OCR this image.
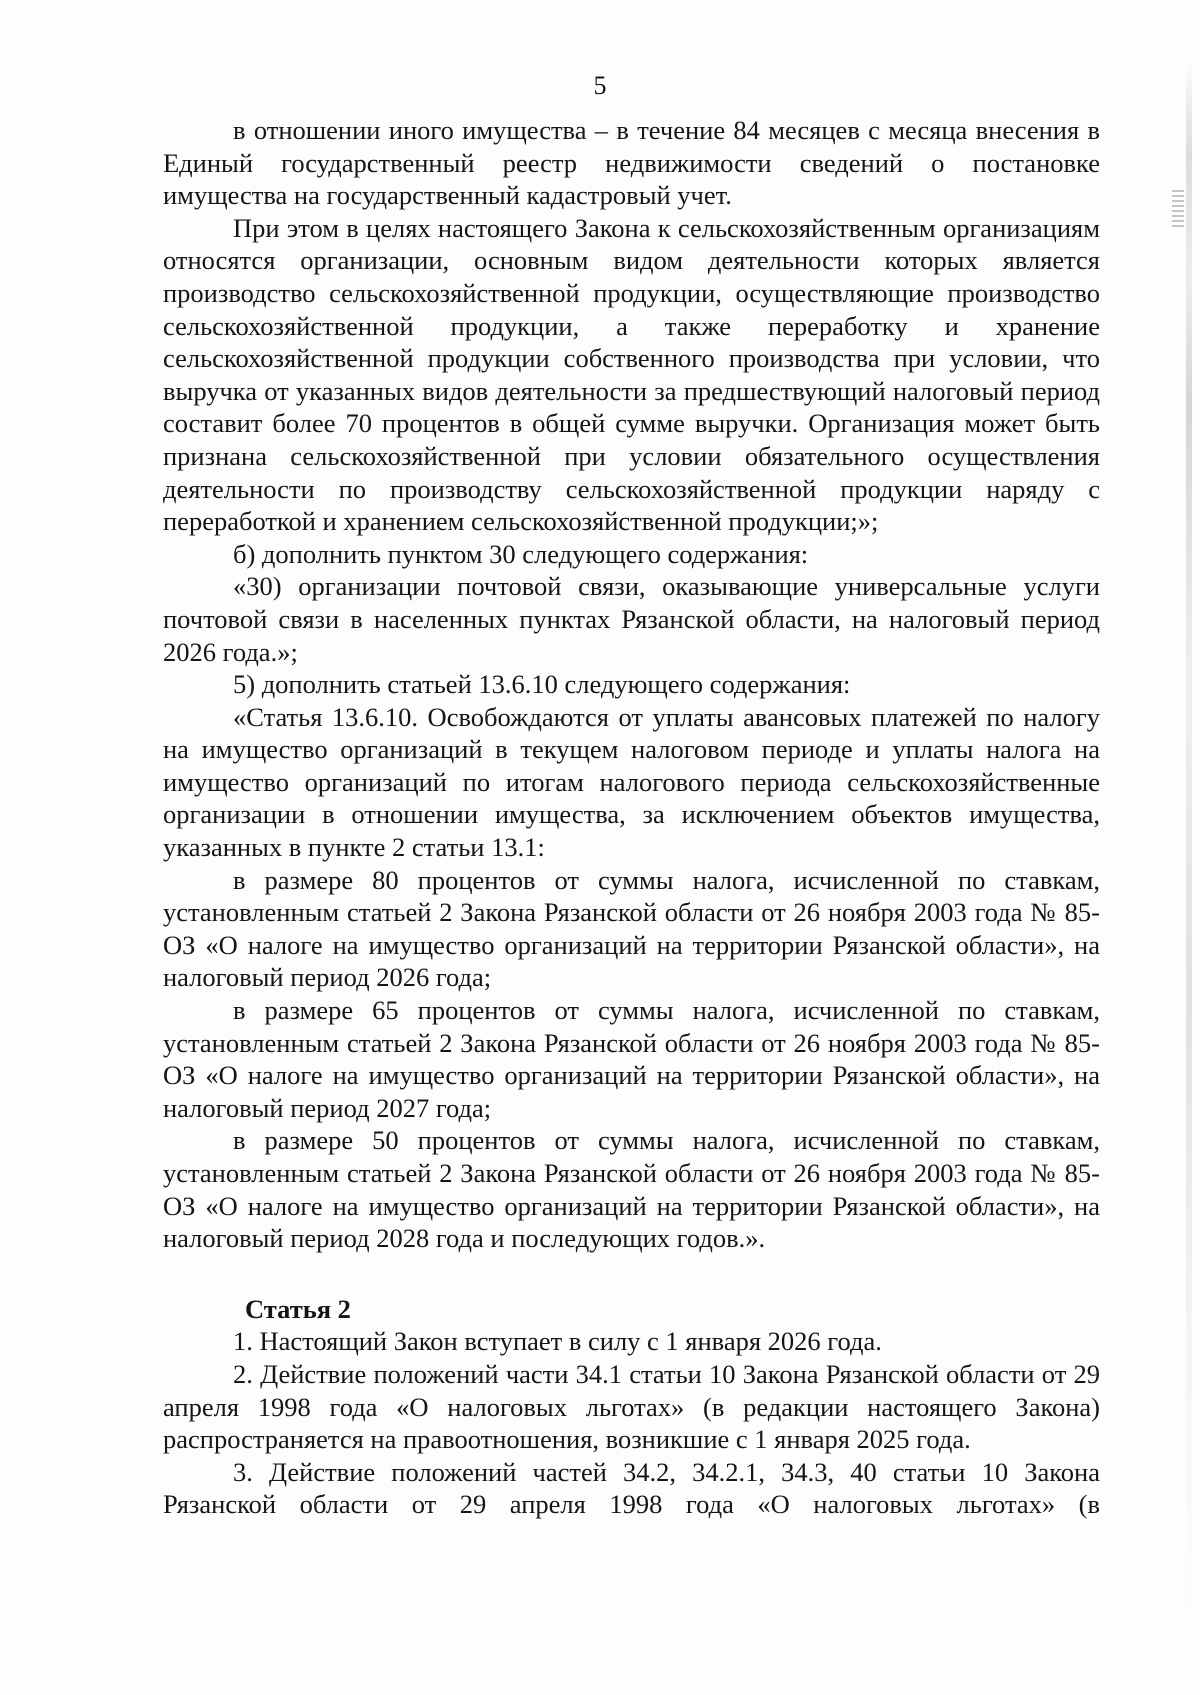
5

в отношении иного имущества – в течение 84 месяцев с месяца внесения в Единый государственный реестр недвижимости сведений о постановке имущества на государственный кадастровый учет.

При этом в целях настоящего Закона к сельскохозяйственным организациям относятся организации, основным видом деятельности которых является производство сельскохозяйственной продукции, осуществляющие производство сельскохозяйственной продукции, а также переработку и хранение сельскохозяйственной продукции собственного производства при условии, что выручка от указанных видов деятельности за предшествующий налоговый период составит более 70 процентов в общей сумме выручки. Организация может быть признана сельскохозяйственной при условии обязательного осуществления деятельности по производству сельскохозяйственной продукции наряду с переработкой и хранением сельскохозяйственной продукции;»;

б) дополнить пунктом 30 следующего содержания:

«30) организации почтовой связи, оказывающие универсальные услуги почтовой связи в населенных пунктах Рязанской области, на налоговый период 2026 года.»;

5) дополнить статьей 13.6.10 следующего содержания:

«Статья 13.6.10. Освобождаются от уплаты авансовых платежей по налогу на имущество организаций в текущем налоговом периоде и уплаты налога на имущество организаций по итогам налогового периода сельскохозяйственные организации в отношении имущества, за исключением объектов имущества, указанных в пункте 2 статьи 13.1:

в размере 80 процентов от суммы налога, исчисленной по ставкам, установленным статьей 2 Закона Рязанской области от 26 ноября 2003 года № 85-ОЗ «О налоге на имущество организаций на территории Рязанской области», на налоговый период 2026 года;

в размере 65 процентов от суммы налога, исчисленной по ставкам, установленным статьей 2 Закона Рязанской области от 26 ноября 2003 года № 85-ОЗ «О налоге на имущество организаций на территории Рязанской области», на налоговый период 2027 года;

в размере 50 процентов от суммы налога, исчисленной по ставкам, установленным статьей 2 Закона Рязанской области от 26 ноября 2003 года № 85-ОЗ «О налоге на имущество организаций на территории Рязанской области», на налоговый период 2028 года и последующих годов.».

Статья 2

1. Настоящий Закон вступает в силу с 1 января 2026 года.

2. Действие положений части 34.1 статьи 10 Закона Рязанской области от 29 апреля 1998 года «О налоговых льготах» (в редакции настоящего Закона) распространяется на правоотношения, возникшие с 1 января 2025 года.

3. Действие положений частей 34.2, 34.2.1, 34.3, 40 статьи 10 Закона Рязанской области от 29 апреля 1998 года «О налоговых льготах» (в
